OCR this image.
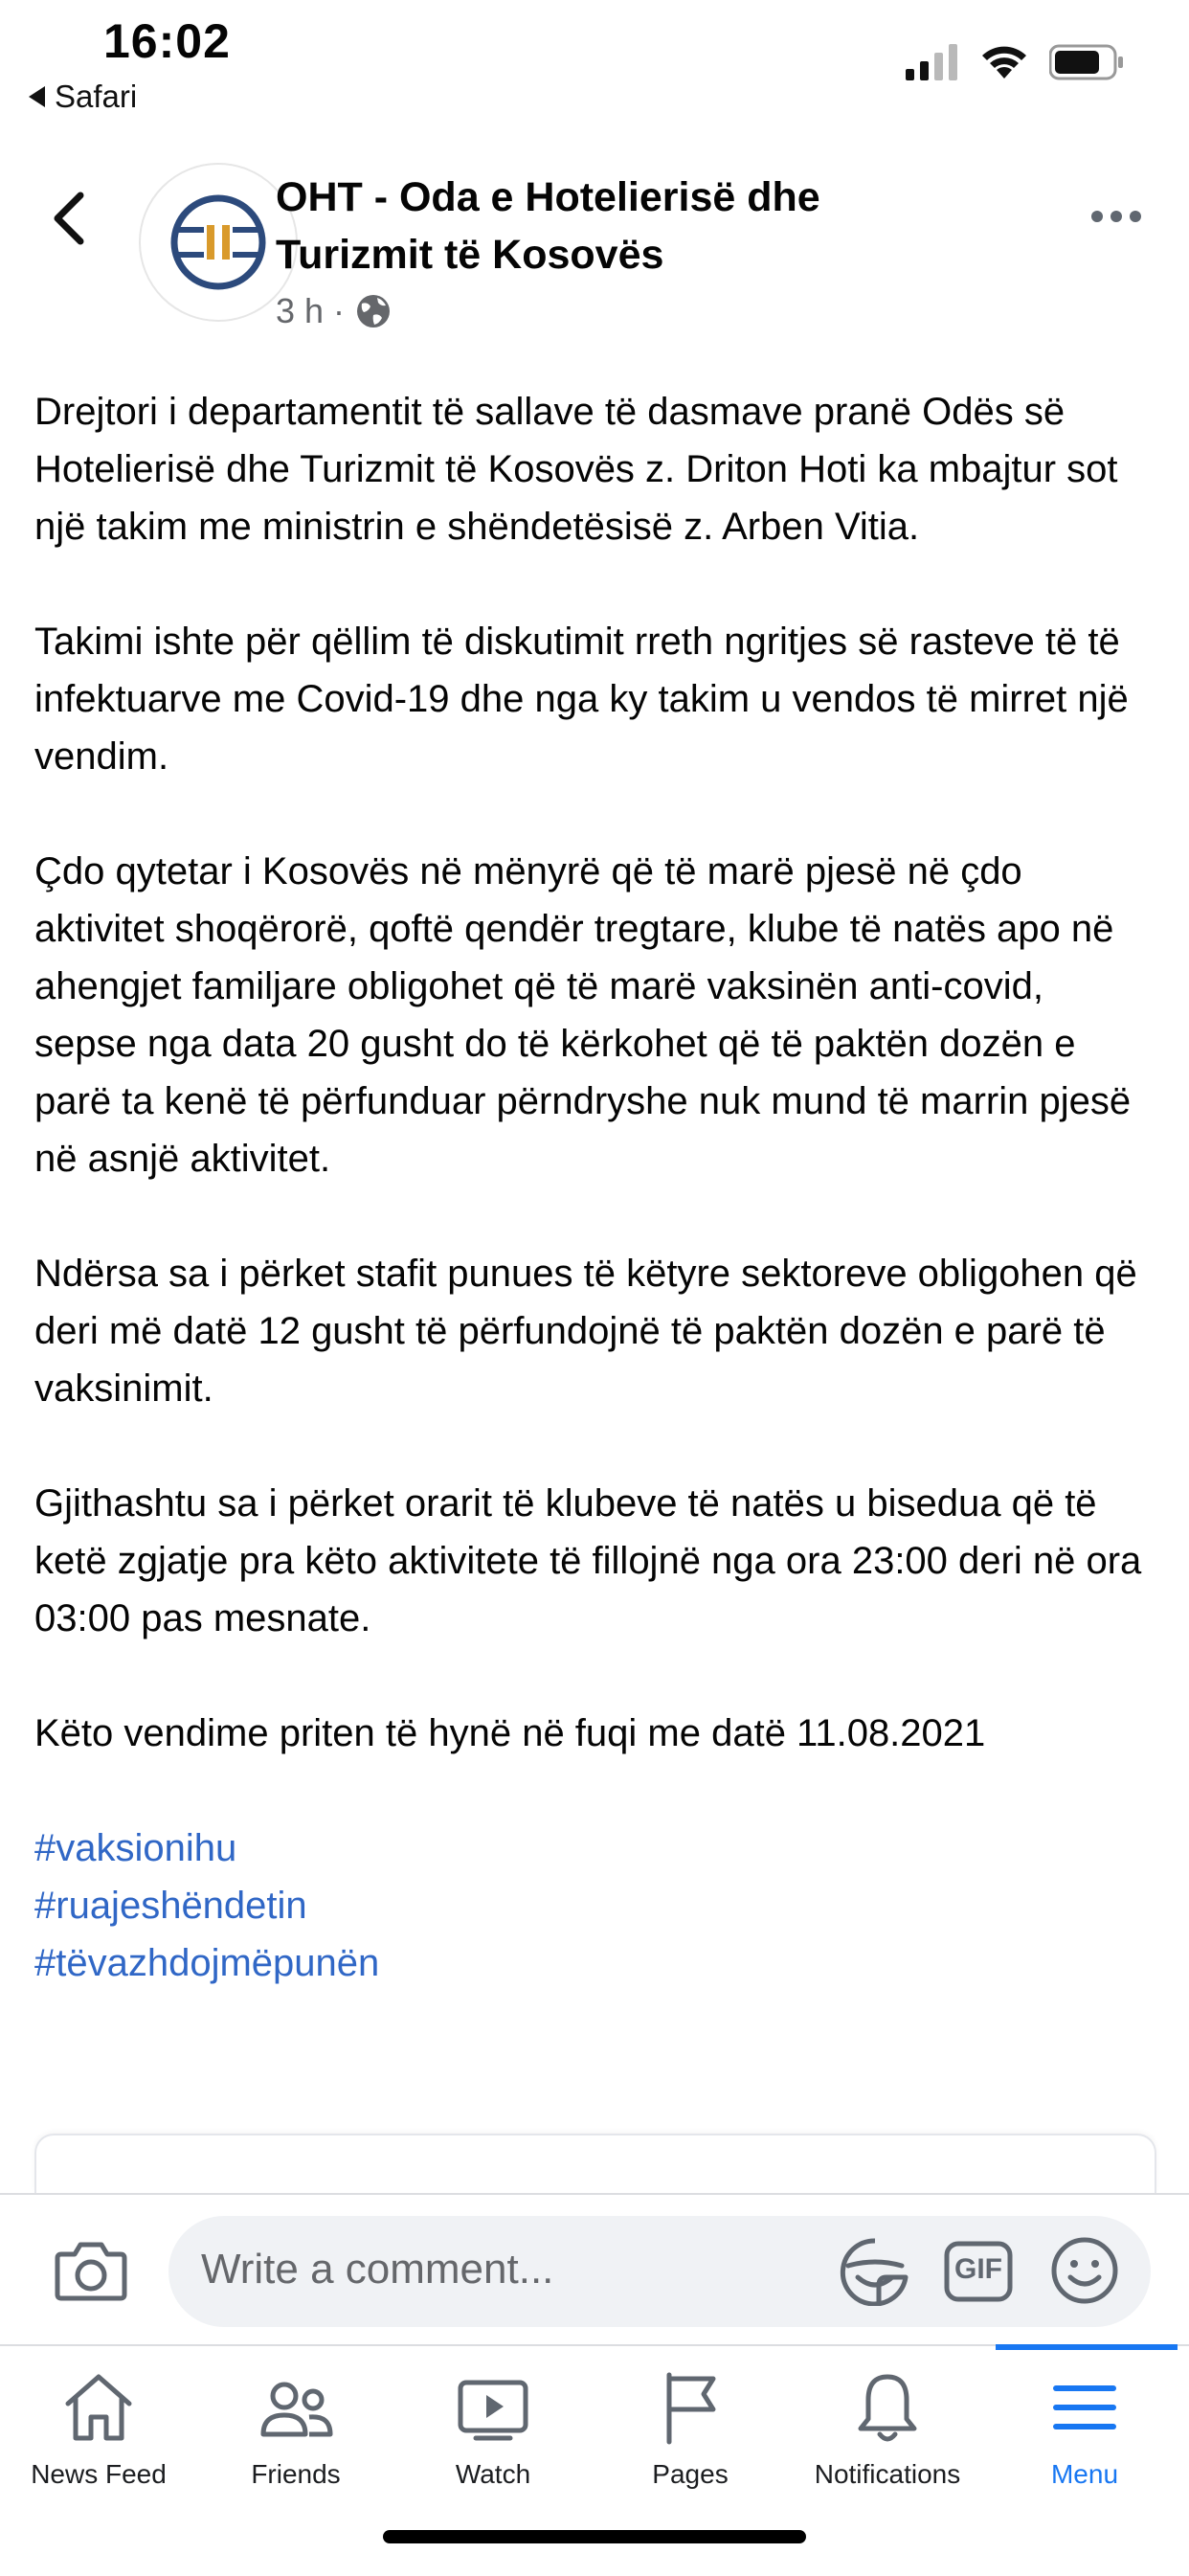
16:02
Safari
OHT - Oda e Hotelierisë dhe Turizmit të Kosovës
3 h ·

Drejtori i departamentit të sallave të dasmave pranë Odës së Hotelierisë dhe Turizmit të Kosovës z. Driton Hoti ka mbajtur sot një takim me ministrin e shëndetësisë z. Arben Vitia.

Takimi ishte për qëllim të diskutimit rreth ngritjes së rasteve të të infektuarve me Covid-19 dhe nga ky takim u vendos të mirret një vendim.

Çdo qytetar i Kosovës në mënyrë që të marë pjesë në çdo aktivitet shoqërorë, qoftë qendër tregtare, klube të natës apo në ahengjet familjare obligohet që të marë vaksinën anti-covid, sepse nga data 20 gusht do të kërkohet që të paktën dozën e parë ta kenë të përfunduar përndryshe nuk mund të marrin pjesë në asnjë aktivitet.

Ndërsa sa i përket stafit punues të këtyre sektoreve obligohen që deri më datë 12 gusht të përfundojnë të paktën dozën e parë të vaksinimit.

Gjithashtu sa i përket orarit të klubeve të natës u bisedua që të ketë zgjatje pra këto aktivitete të fillojnë nga ora 23:00 deri në ora 03:00 pas mesnate.

Këto vendime priten të hynë në fuqi me datë 11.08.2021

#vaksionihu
#ruajeshëndetin
#tëvazhdojmëpunën
Write a comment...	GIF
News Feed	Friends	Watch	Pages	Notifications	Menu
